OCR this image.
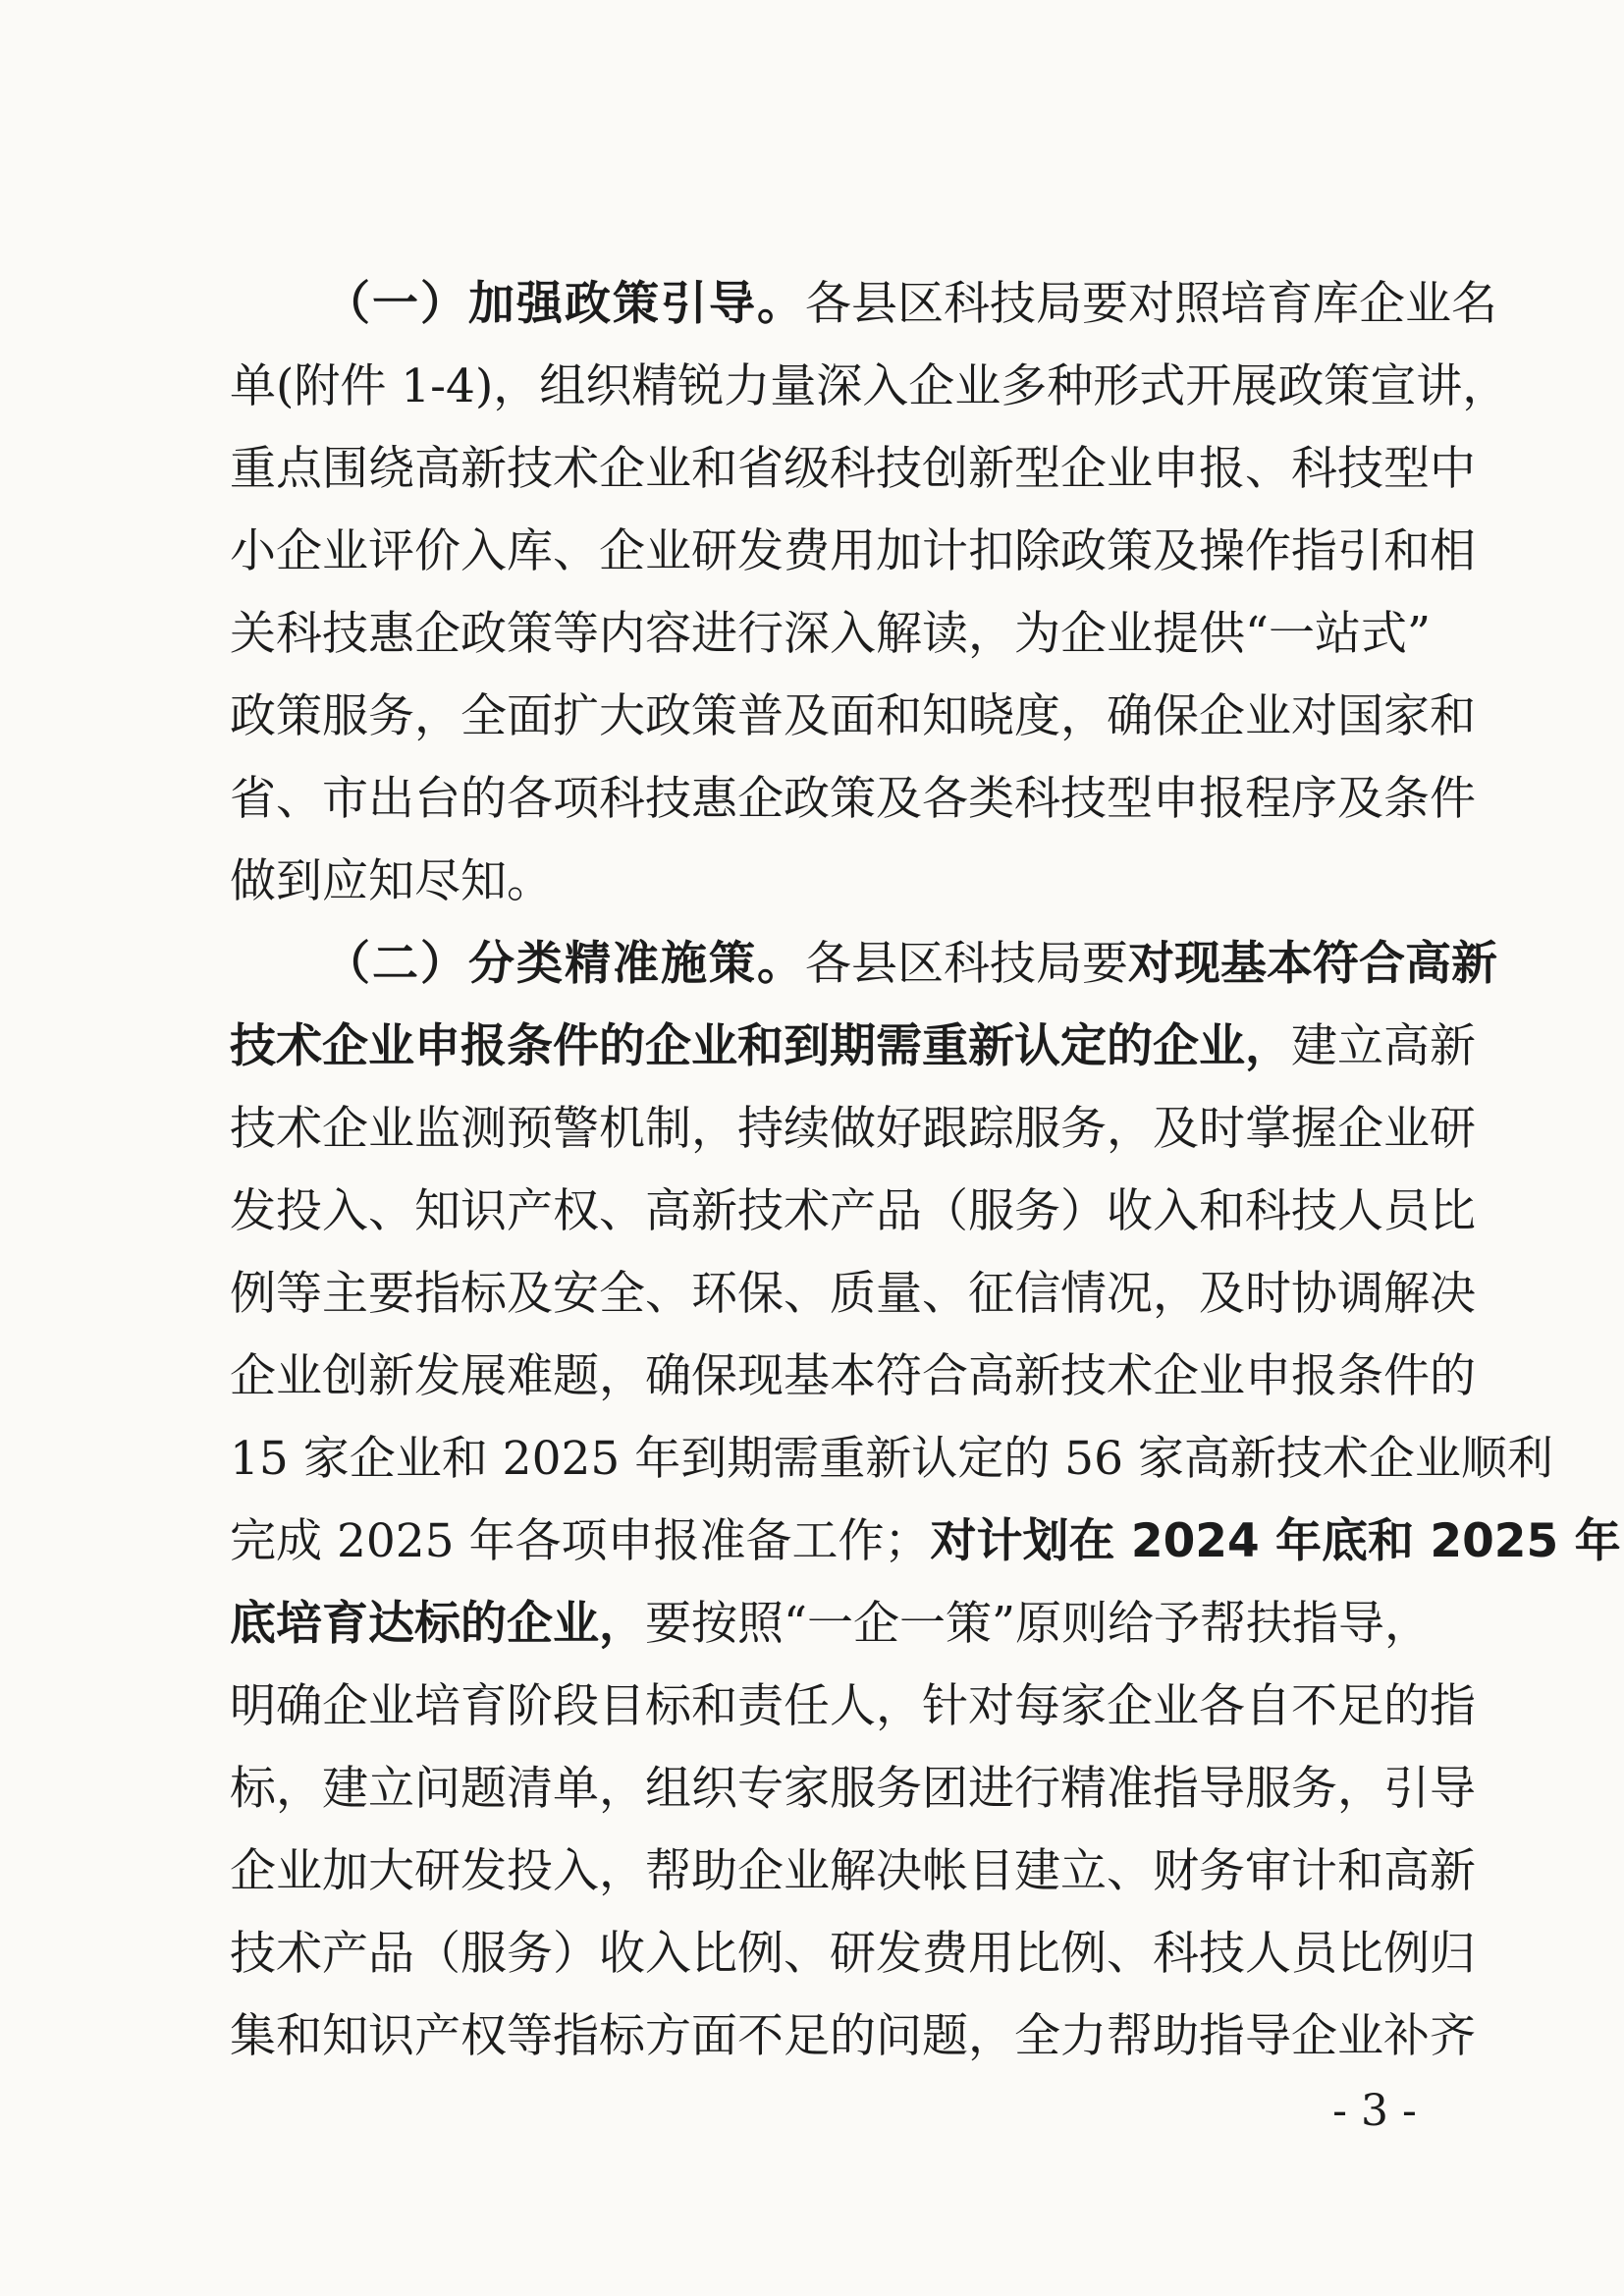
（一）加强政策引导。各县区科技局要对照培育库企业名
单(附件 1-4)，组织精锐力量深入企业多种形式开展政策宣讲，
重点围绕高新技术企业和省级科技创新型企业申报、科技型中
小企业评价入库、企业研发费用加计扣除政策及操作指引和相
关科技惠企政策等内容进行深入解读，为企业提供“一站式”
政策服务，全面扩大政策普及面和知晓度，确保企业对国家和
省、市出台的各项科技惠企政策及各类科技型申报程序及条件
做到应知尽知。
（二）分类精准施策。各县区科技局要对现基本符合高新
技术企业申报条件的企业和到期需重新认定的企业，建立高新
技术企业监测预警机制，持续做好跟踪服务，及时掌握企业研
发投入、知识产权、高新技术产品（服务）收入和科技人员比
例等主要指标及安全、环保、质量、征信情况，及时协调解决
企业创新发展难题，确保现基本符合高新技术企业申报条件的
15 家企业和 2025 年到期需重新认定的 56 家高新技术企业顺利
完成 2025 年各项申报准备工作；对计划在 2024 年底和 2025 年
底培育达标的企业，要按照“一企一策”原则给予帮扶指导，
明确企业培育阶段目标和责任人，针对每家企业各自不足的指
标，建立问题清单，组织专家服务团进行精准指导服务，引导
企业加大研发投入，帮助企业解决帐目建立、财务审计和高新
技术产品（服务）收入比例、研发费用比例、科技人员比例归
集和知识产权等指标方面不足的问题，全力帮助指导企业补齐
- 3 -
